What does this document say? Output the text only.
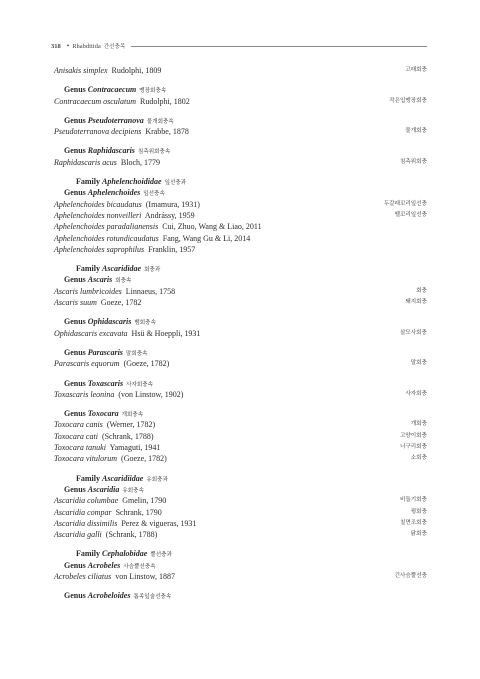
318 • Rhabditida 간선충목
Anisakis simplex Rudolphi, 1809	고래회충
Genus Contracaecum 맹장회충속
Contracaecum osculatum Rudolphi, 1802	작은입맹장회충
Genus Pseudoterranova 물개회충속
Pseudoterranova decipiens Krabbe, 1878	물개회충
Genus Raphidascaris 침측위회충속
Raphidascaris acus Bloch, 1779	침측위회충
Family Aphelenchoididae 잎선충과
Genus Aphelenchoides 잎선충속
Aphelenchoides bicaudatus (Imamura, 1931)	두갈래꼬리잎선충
Aphelenchoides nonveilleri Andrássy, 1959	뗄꼬리잎선충
Aphelenchoides paradalianensis Cui, Zhuo, Wang & Liao, 2011
Aphelenchoides rotundicaudatus Fang, Wang Gu & Li, 2014
Aphelenchoides saprophilus Franklin, 1957
Family Ascarididae 회충과
Genus Ascaris 회충속
Ascaris lumbricoides Linnaeus, 1758	회충
Ascaris suum Goeze, 1782	돼지회충
Genus Ophidascaris 뱀회충속
Ophidascaris excavata Hsü & Hoeppli, 1931	살모사회충
Genus Parascaris 말회충속
Parascaris equorum (Goeze, 1782)	말회충
Genus Toxascaris 사자회충속
Toxascaris leonina (von Linstow, 1902)	사자회충
Genus Toxocara 개회충속
Toxocara canis (Werner, 1782)	개회충
Toxocara cati (Schrank, 1788)	고양이회충
Toxocara tanuki Yamaguti, 1941	너구리회충
Toxocara vitulorum (Goeze, 1782)	소회충
Family Ascaridiidae 유회충과
Genus Ascaridia 유회충속
Ascaridia columbae Gmelin, 1790	비둘기회충
Ascaridia compar Schrank, 1790	꿩회충
Ascaridia dissimilis Perez & vigueras, 1931	칠면조회충
Ascaridia galli (Schrank, 1788)	닭회충
Family Cephalobidae 뿔선충과
Genus Acrobeles 사슴뿔선충속
Acrobeles ciliatus von Linstow, 1887	긴사슴뿔선충
Genus Acrobeloides 톱족잎술선충속
